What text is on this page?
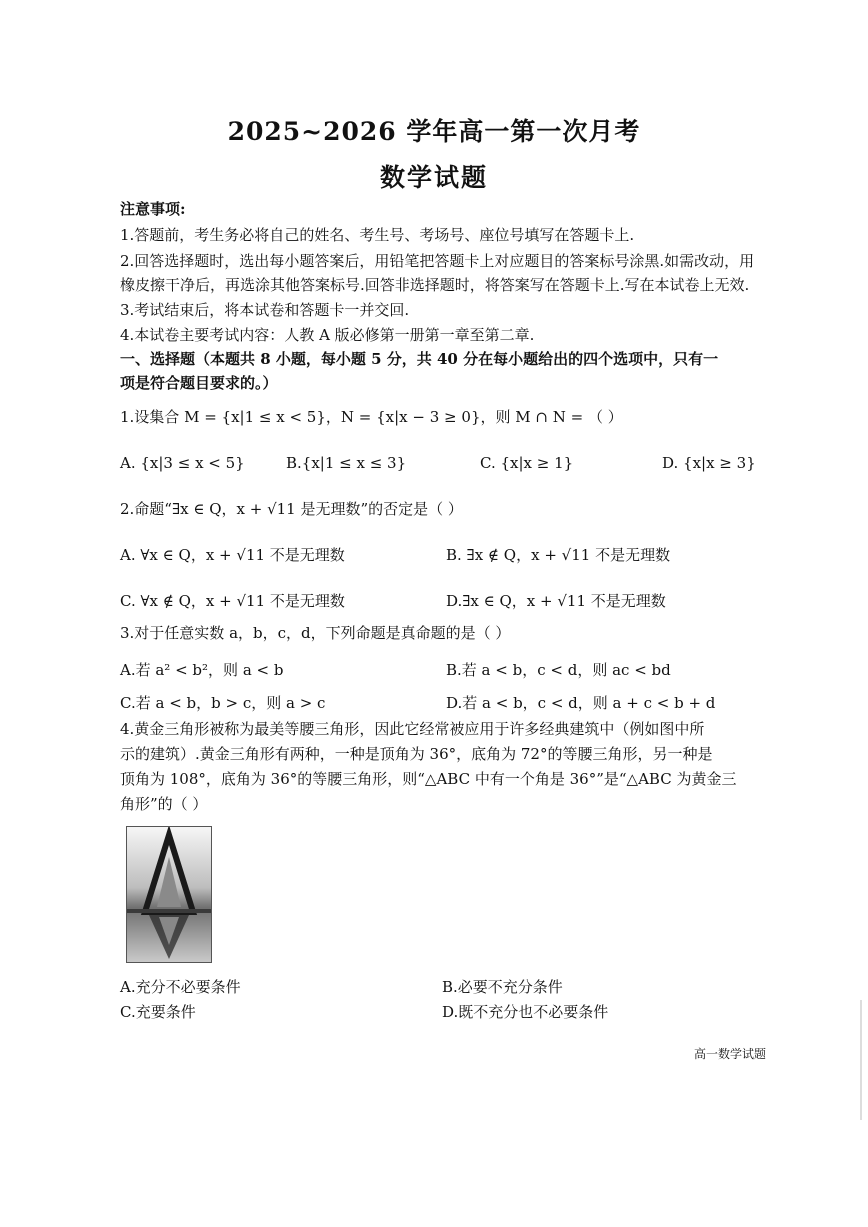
2025~2026 学年高一第一次月考
数学试题
注意事项:
1.答题前，考生务必将自己的姓名、考生号、考场号、座位号填写在答题卡上.
2.回答选择题时，选出每小题答案后，用铅笔把答题卡上对应题目的答案标号涂黑.如需改动，用
橡皮擦干净后，再选涂其他答案标号.回答非选择题时，将答案写在答题卡上.写在本试卷上无效.
3.考试结束后，将本试卷和答题卡一并交回.
4.本试卷主要考试内容：人教 A 版必修第一册第一章至第二章.
一、选择题（本题共 8 小题，每小题 5 分，共 40 分在每小题给出的四个选项中，只有一
项是符合题目要求的。）
1.设集合 M = {x|1 ≤ x < 5}，N = {x|x − 3 ≥ 0}，则 M ∩ N = （ ）
A. {x|3 ≤ x < 5}	B.{x|1 ≤ x ≤ 3}	C. {x|x ≥ 1}	D. {x|x ≥ 3}
2.命题“∃x ∈ Q，x + √11 是无理数”的否定是（ ）
A. ∀x ∈ Q，x + √11 不是无理数	B. ∃x ∉ Q，x + √11 不是无理数
C. ∀x ∉ Q，x + √11 不是无理数	D.∃x ∈ Q，x + √11 不是无理数
3.对于任意实数 a，b，c，d，下列命题是真命题的是（ ）
A.若 a² < b²，则 a < b	B.若 a < b，c < d，则 ac < bd
C.若 a < b，b > c，则 a > c	D.若 a < b，c < d，则 a + c < b + d
4.黄金三角形被称为最美等腰三角形，因此它经常被应用于许多经典建筑中（例如图中所
示的建筑）.黄金三角形有两种，一种是顶角为 36°，底角为 72°的等腰三角形，另一种是
顶角为 108°，底角为 36°的等腰三角形，则“△ABC 中有一个角是 36°”是“△ABC 为黄金三
角形”的（ ）
A.充分不必要条件	B.必要不充分条件
C.充要条件	D.既不充分也不必要条件
高一数学试题
